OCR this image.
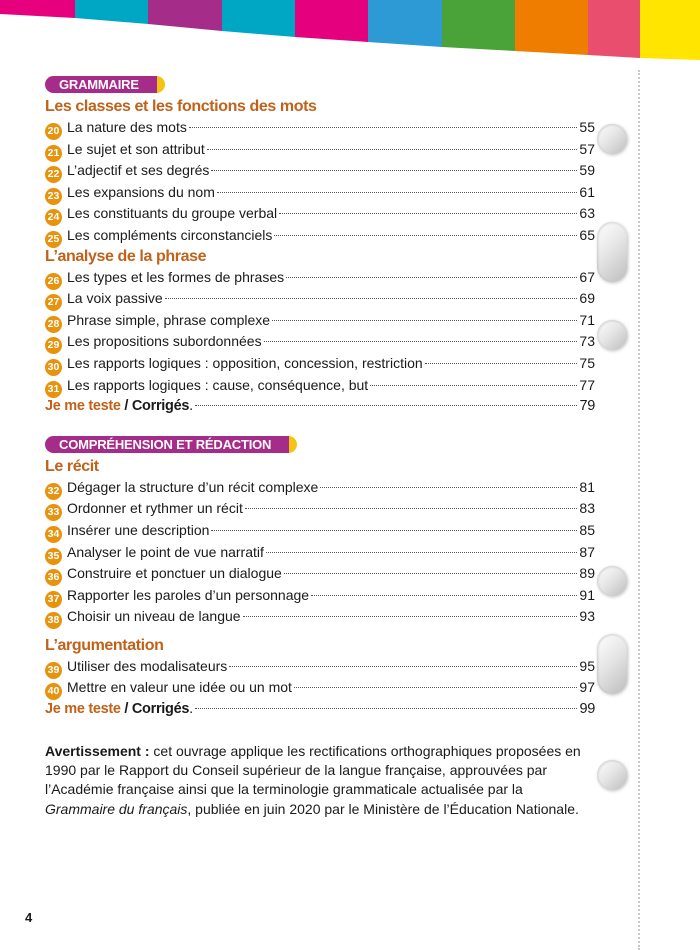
GRAMMAIRE
Les classes et les fonctions des mots
20 La nature des mots	55
21 Le sujet et son attribut	57
22 L’adjectif et ses degrés	59
23 Les expansions du nom	61
24 Les constituants du groupe verbal	63
25 Les compléments circonstanciels	65
L’analyse de la phrase
26 Les types et les formes de phrases	67
27 La voix passive	69
28 Phrase simple, phrase complexe	71
29 Les propositions subordonnées	73
30 Les rapports logiques : opposition, concession, restriction	75
31 Les rapports logiques : cause, conséquence, but	77
Je me teste / Corrigés.	79
COMPRÉHENSION ET RÉDACTION
Le récit
32 Dégager la structure d’un récit complexe	81
33 Ordonner et rythmer un récit	83
34 Insérer une description	85
35 Analyser le point de vue narratif	87
36 Construire et ponctuer un dialogue	89
37 Rapporter les paroles d’un personnage	91
38 Choisir un niveau de langue	93
L’argumentation
39 Utiliser des modalisateurs	95
40 Mettre en valeur une idée ou un mot	97
Je me teste / Corrigés.	99
Avertissement : cet ouvrage applique les rectifications orthographiques proposées en 1990 par le Rapport du Conseil supérieur de la langue française, approuvées par l’Académie française ainsi que la terminologie grammaticale actualisée par la Grammaire du français, publiée en juin 2020 par le Ministère de l’Éducation Nationale.
4
